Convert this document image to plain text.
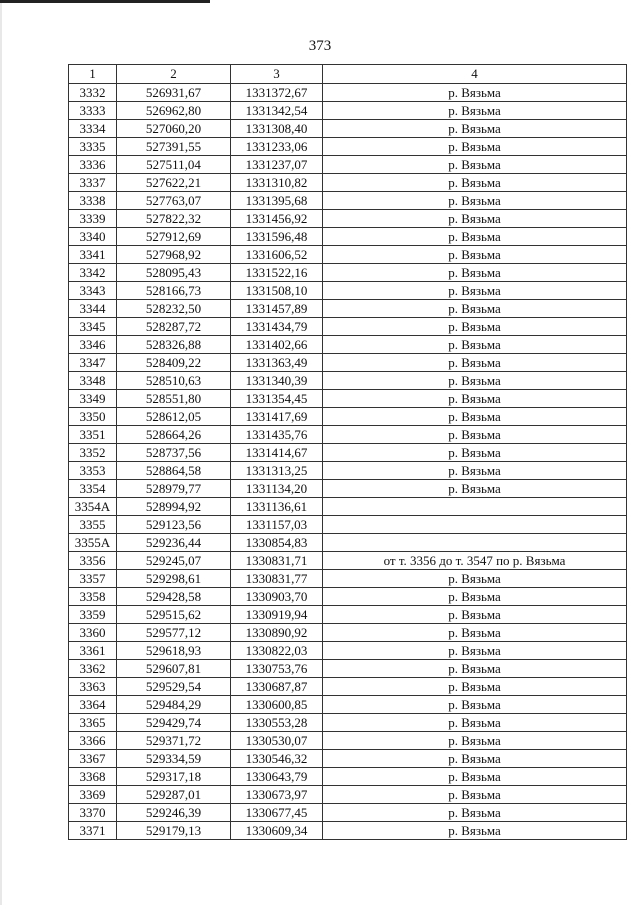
373
1	2	3	4
3332	526931,67	1331372,67	р. Вязьма
3333	526962,80	1331342,54	р. Вязьма
3334	527060,20	1331308,40	р. Вязьма
3335	527391,55	1331233,06	р. Вязьма
3336	527511,04	1331237,07	р. Вязьма
3337	527622,21	1331310,82	р. Вязьма
3338	527763,07	1331395,68	р. Вязьма
3339	527822,32	1331456,92	р. Вязьма
3340	527912,69	1331596,48	р. Вязьма
3341	527968,92	1331606,52	р. Вязьма
3342	528095,43	1331522,16	р. Вязьма
3343	528166,73	1331508,10	р. Вязьма
3344	528232,50	1331457,89	р. Вязьма
3345	528287,72	1331434,79	р. Вязьма
3346	528326,88	1331402,66	р. Вязьма
3347	528409,22	1331363,49	р. Вязьма
3348	528510,63	1331340,39	р. Вязьма
3349	528551,80	1331354,45	р. Вязьма
3350	528612,05	1331417,69	р. Вязьма
3351	528664,26	1331435,76	р. Вязьма
3352	528737,56	1331414,67	р. Вязьма
3353	528864,58	1331313,25	р. Вязьма
3354	528979,77	1331134,20	р. Вязьма
3354А	528994,92	1331136,61	
3355	529123,56	1331157,03	
3355А	529236,44	1330854,83	
3356	529245,07	1330831,71	от т. 3356 до т. 3547 по р. Вязьма
3357	529298,61	1330831,77	р. Вязьма
3358	529428,58	1330903,70	р. Вязьма
3359	529515,62	1330919,94	р. Вязьма
3360	529577,12	1330890,92	р. Вязьма
3361	529618,93	1330822,03	р. Вязьма
3362	529607,81	1330753,76	р. Вязьма
3363	529529,54	1330687,87	р. Вязьма
3364	529484,29	1330600,85	р. Вязьма
3365	529429,74	1330553,28	р. Вязьма
3366	529371,72	1330530,07	р. Вязьма
3367	529334,59	1330546,32	р. Вязьма
3368	529317,18	1330643,79	р. Вязьма
3369	529287,01	1330673,97	р. Вязьма
3370	529246,39	1330677,45	р. Вязьма
3371	529179,13	1330609,34	р. Вязьма
